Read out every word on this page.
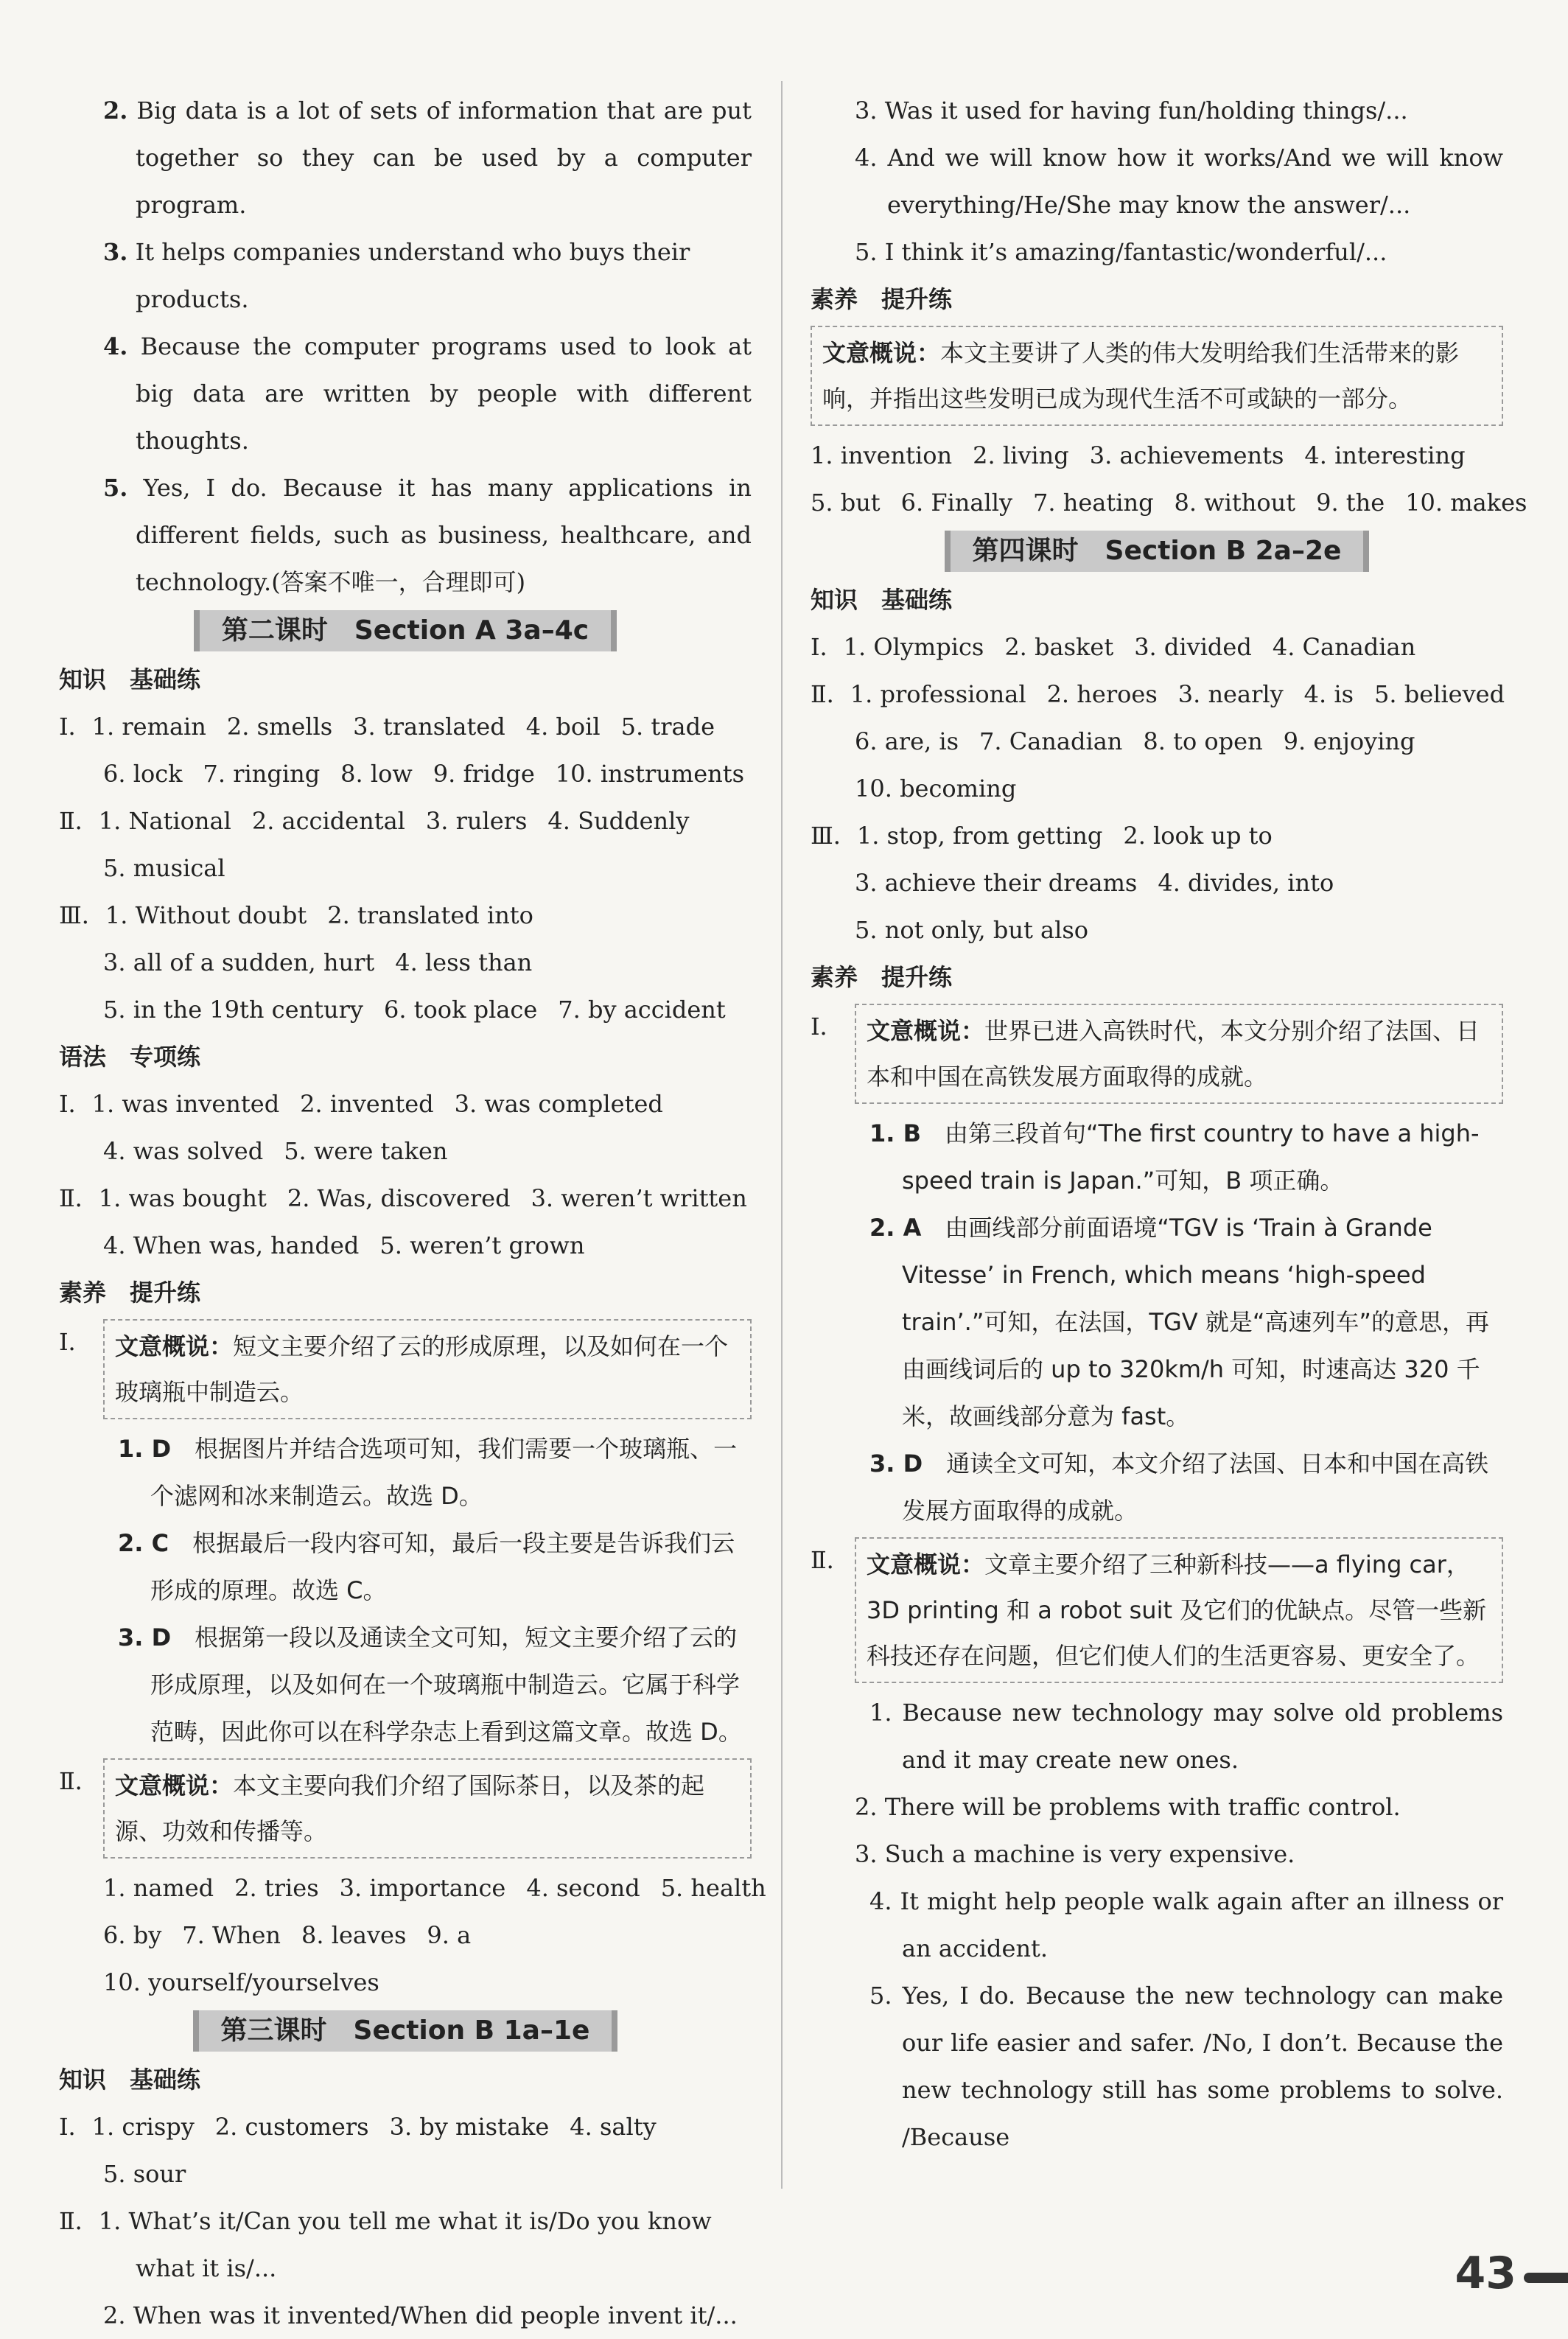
2. Big data is a lot of sets of information that are put together so they can be used by a computer program.
3. It helps companies understand who buys their products.
4. Because the computer programs used to look at big data are written by people with different thoughts.
5. Yes, I do. Because it has many applications in different fields, such as business, healthcare, and technology.(答案不唯一，合理即可)
第二课时　Section A 3a–4c
知识　基础练
Ⅰ．1. remain 2. smells 3. translated 4. boil 5. trade
6. lock 7. ringing 8. low 9. fridge 10. instruments
Ⅱ．1. National 2. accidental 3. rulers 4. Suddenly
5. musical
Ⅲ．1. Without doubt 2. translated into
3. all of a sudden, hurt 4. less than
5. in the 19th century 6. took place 7. by accident
语法　专项练
Ⅰ．1. was invented 2. invented 3. was completed
4. was solved 5. were taken
Ⅱ．1. was bought 2. Was, discovered 3. weren’t written
4. When was, handed 5. weren’t grown
素养　提升练
Ⅰ． 文意概说：短文主要介绍了云的形成原理，以及如何在一个玻璃瓶中制造云。
1. D　 根据图片并结合选项可知，我们需要一个玻璃瓶、一个滤网和冰来制造云。故选 D。
2. C　 根据最后一段内容可知，最后一段主要是告诉我们云形成的原理。故选 C。
3. D　 根据第一段以及通读全文可知，短文主要介绍了云的形成原理，以及如何在一个玻璃瓶中制造云。它属于科学范畴，因此你可以在科学杂志上看到这篇文章。故选 D。
Ⅱ． 文意概说：本文主要向我们介绍了国际茶日，以及茶的起源、功效和传播等。
1. named 2. tries 3. importance 4. second 5. health
6. by 7. When 8. leaves 9. a
10. yourself/yourselves
第三课时　Section B 1a–1e
知识　基础练
Ⅰ．1. crispy 2. customers 3. by mistake 4. salty
5. sour
Ⅱ．1. What’s it/Can you tell me what it is/Do you know what it is/...
2. When was it invented/When did people invent it/...
3. Was it used for having fun/holding things/...
4. And we will know how it works/And we will know everything/He/She may know the answer/...
5. I think it’s amazing/fantastic/wonderful/...
素养　提升练
文意概说：本文主要讲了人类的伟大发明给我们生活带来的影响，并指出这些发明已成为现代生活不可或缺的一部分。
1. invention 2. living 3. achievements 4. interesting
5. but 6. Finally 7. heating 8. without 9. the 10. makes
第四课时　Section B 2a–2e
知识　基础练
Ⅰ．1. Olympics 2. basket 3. divided 4. Canadian
Ⅱ．1. professional 2. heroes 3. nearly 4. is 5. believed
6. are, is 7. Canadian 8. to open 9. enjoying
10. becoming
Ⅲ．1. stop, from getting 2. look up to
3. achieve their dreams 4. divides, into
5. not only, but also
素养　提升练
Ⅰ． 文意概说：世界已进入高铁时代，本文分别介绍了法国、日本和中国在高铁发展方面取得的成就。
1. B　 由第三段首句“The first country to have a high-speed train is Japan.”可知，B 项正确。
2. A　 由画线部分前面语境“TGV is ‘Train à Grande Vitesse’ in French, which means ‘high-speed train’.”可知，在法国，TGV 就是“高速列车”的意思，再由画线词后的 up to 320km/h 可知，时速高达 320 千米，故画线部分意为 fast。
3. D　 通读全文可知，本文介绍了法国、日本和中国在高铁发展方面取得的成就。
Ⅱ． 文意概说：文章主要介绍了三种新科技——a flying car，3D printing 和 a robot suit 及它们的优缺点。尽管一些新科技还存在问题，但它们使人们的生活更容易、更安全了。
1. Because new technology may solve old problems and it may create new ones.
2. There will be problems with traffic control.
3. Such a machine is very expensive.
4. It might help people walk again after an illness or an accident.
5. Yes, I do. Because the new technology can make our life easier and safer. /No, I don’t. Because the new technology still has some problems to solve. /Because
43
